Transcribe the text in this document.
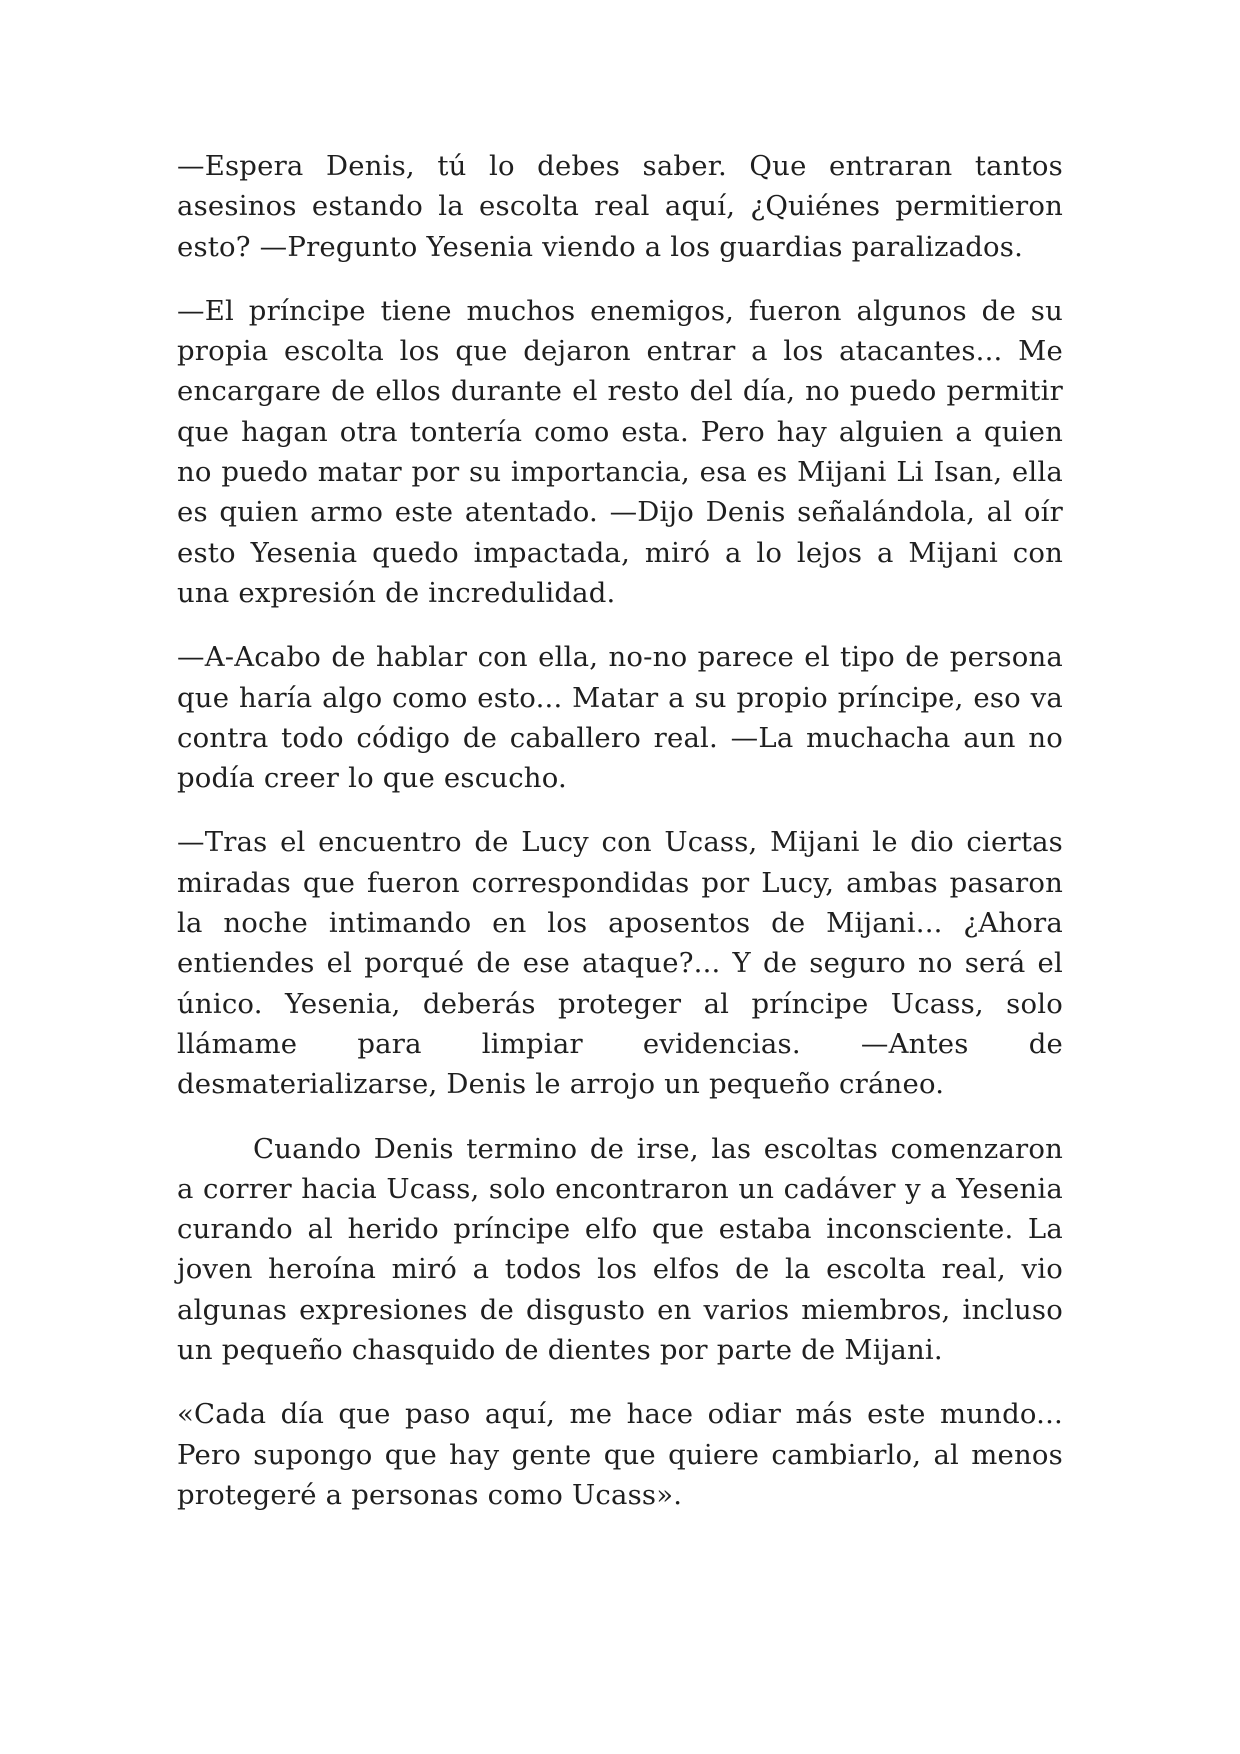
—Espera Denis, tú lo debes saber. Que entraran tantos asesinos estando la escolta real aquí, ¿Quiénes permitieron esto? —Pregunto Yesenia viendo a los guardias paralizados.

—El príncipe tiene muchos enemigos, fueron algunos de su propia escolta los que dejaron entrar a los atacantes... Me encargare de ellos durante el resto del día, no puedo permitir que hagan otra tontería como esta. Pero hay alguien a quien no puedo matar por su importancia, esa es Mijani Li Isan, ella es quien armo este atentado. —Dijo Denis señalándola, al oír esto Yesenia quedo impactada, miró a lo lejos a Mijani con una expresión de incredulidad.

—A-Acabo de hablar con ella, no-no parece el tipo de persona que haría algo como esto... Matar a su propio príncipe, eso va contra todo código de caballero real. —La muchacha aun no podía creer lo que escucho.

—Tras el encuentro de Lucy con Ucass, Mijani le dio ciertas miradas que fueron correspondidas por Lucy, ambas pasaron la noche intimando en los aposentos de Mijani... ¿Ahora entiendes el porqué de ese ataque?... Y de seguro no será el único. Yesenia, deberás proteger al príncipe Ucass, solo llámame para limpiar evidencias. —Antes de desmaterializarse, Denis le arrojo un pequeño cráneo.

Cuando Denis termino de irse, las escoltas comenzaron a correr hacia Ucass, solo encontraron un cadáver y a Yesenia curando al herido príncipe elfo que estaba inconsciente. La joven heroína miró a todos los elfos de la escolta real, vio algunas expresiones de disgusto en varios miembros, incluso un pequeño chasquido de dientes por parte de Mijani.

«Cada día que paso aquí, me hace odiar más este mundo... Pero supongo que hay gente que quiere cambiarlo, al menos protegeré a personas como Ucass».
